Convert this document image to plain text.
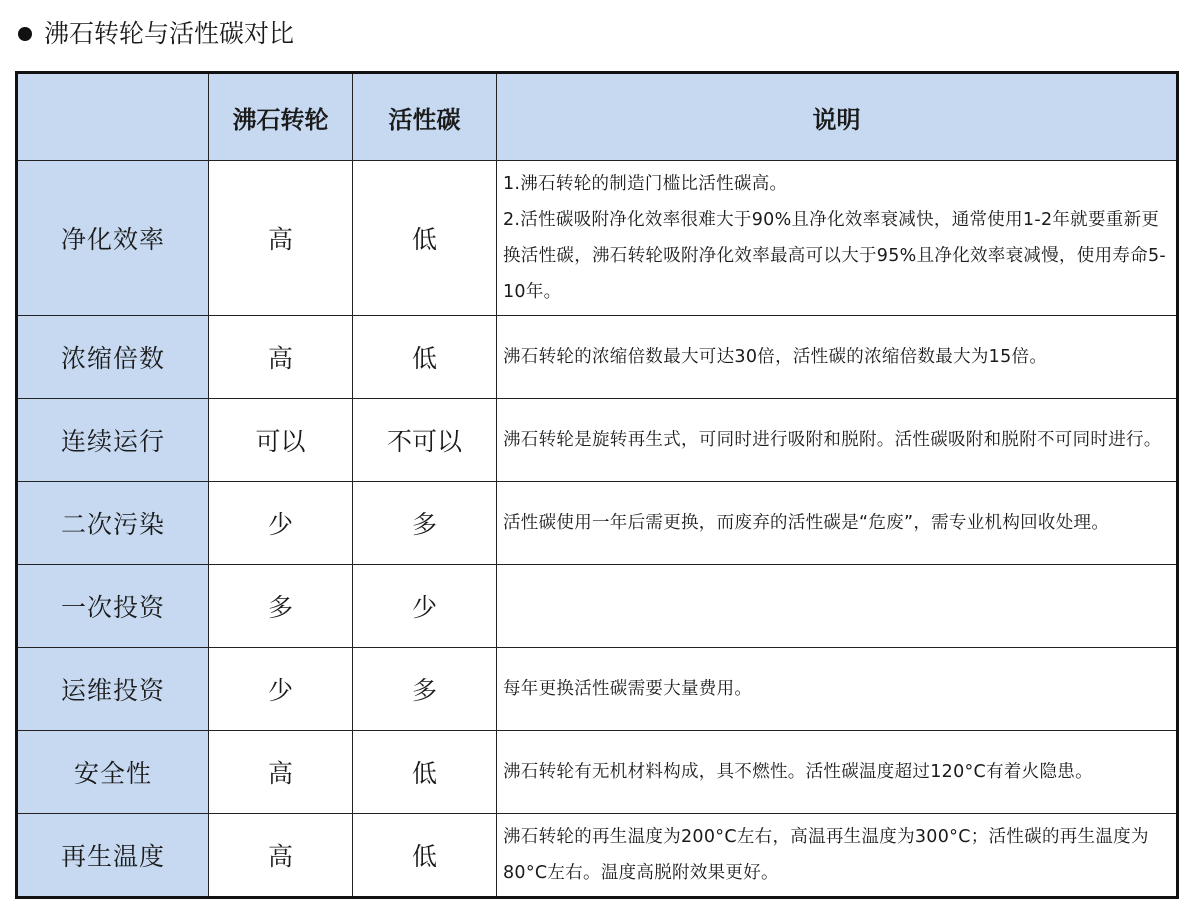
沸石转轮与活性碳对比
	沸石转轮	活性碳	说明
净化效率	高	低	1.沸石转轮的制造门槛比活性碳高。
2.活性碳吸附净化效率很难大于90%且净化效率衰减快，通常使用1-2年就要重新更换活性碳，沸石转轮吸附净化效率最高可以大于95%且净化效率衰减慢，使用寿命5-10年。

浓缩倍数	高	低	沸石转轮的浓缩倍数最大可达30倍，活性碳的浓缩倍数最大为15倍。

连续运行	可以	不可以	沸石转轮是旋转再生式，可同时进行吸附和脱附。活性碳吸附和脱附不可同时进行。

二次污染	少	多	活性碳使用一年后需更换，而废弃的活性碳是“危废”，需专业机构回收处理。

一次投资	多	少	

运维投资	少	多	每年更换活性碳需要大量费用。

安全性	高	低	沸石转轮有无机材料构成，具不燃性。活性碳温度超过120°C有着火隐患。

再生温度	高	低	沸石转轮的再生温度为200°C左右，高温再生温度为300°C；活性碳的再生温度为80°C左右。温度高脱附效果更好。
